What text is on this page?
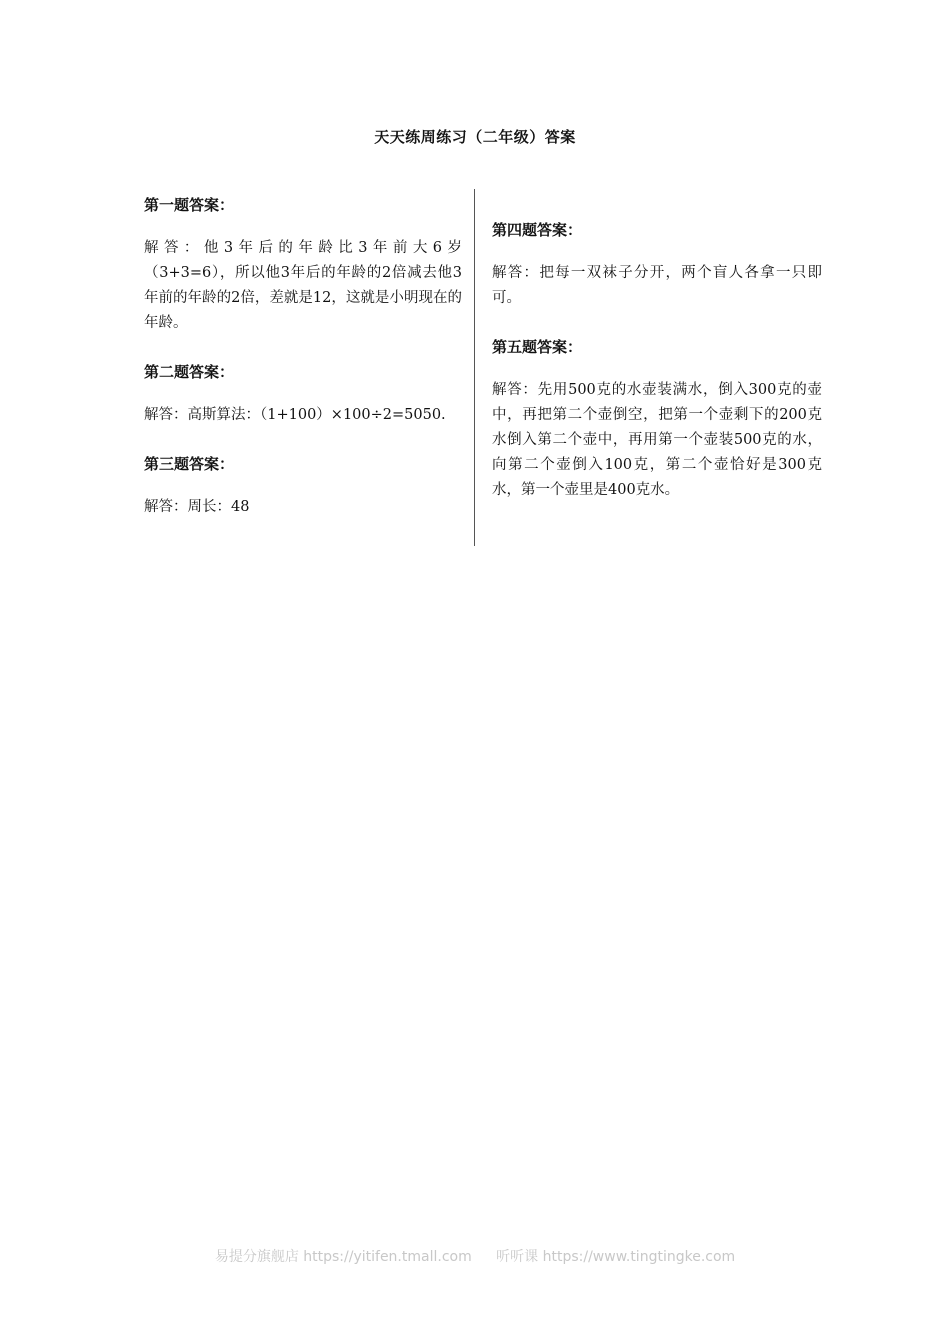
天天练周练习（二年级）答案
第一题答案：
解答：他3年后的年龄比3年前大6岁（3+3=6），所以他3年后的年龄的2倍减去他3年前的年龄的2倍，差就是12，这就是小明现在的年龄。
第二题答案：
解答：高斯算法：（1+100）×100÷2=5050.
第三题答案：
解答：周长：48
第四题答案：
解答：把每一双袜子分开，两个盲人各拿一只即可。
第五题答案：
解答：先用500克的水壶装满水，倒入300克的壶中，再把第二个壶倒空，把第一个壶剩下的200克水倒入第二个壶中，再用第一个壶装500克的水，向第二个壶倒入100克，第二个壶恰好是300克水，第一个壶里是400克水。
易提分旗舰店 https://yitifen.tmall.com 听听课 https://www.tingtingke.com
